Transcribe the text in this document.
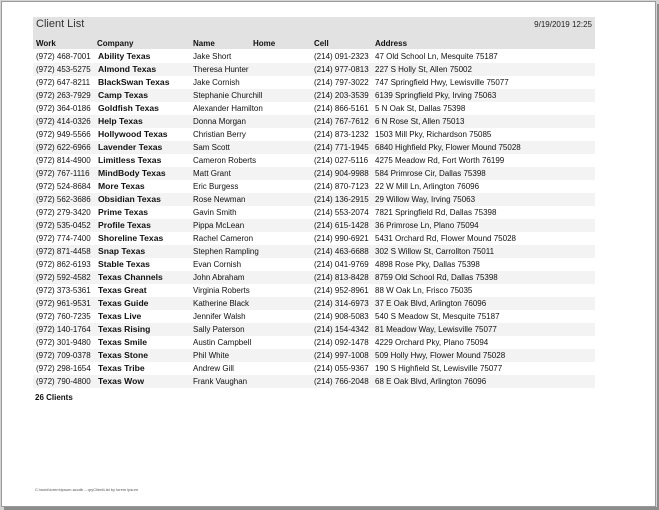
Client List	9/19/2019 12:25
Work	Company	Name	Home	Cell	Address
(972) 468-7001 Ability Texas	Jake Short	(214) 091-2323 47 Old School Ln, Mesquite 75187
(972) 453-5275 Almond Texas	Theresa Hunter	(214) 977-0813 227 S Holly St, Allen 75002
(972) 647-8211 BlackSwan Texas	Jake Cornish	(214) 797-3022 747 Springfield Hwy, Lewisville 75077
(972) 263-7929 Camp Texas	Stephanie Churchill	(214) 203-3539 6139 Springfield Pky, Irving 75063
(972) 364-0186 Goldfish Texas	Alexander Hamilton	(214) 866-5161 5 N Oak St, Dallas 75398
(972) 414-0326 Help Texas	Donna Morgan	(214) 767-7612 6 N Rose St, Allen 75013
(972) 949-5566 Hollywood Texas	Christian Berry	(214) 873-1232 1503 Mill Pky, Richardson 75085
(972) 622-6966 Lavender Texas	Sam Scott	(214) 771-1945 6840 Highfield Pky, Flower Mound 75028
(972) 814-4900 Limitless Texas	Cameron Roberts	(214) 027-5116 4275 Meadow Rd, Fort Worth 76199
(972) 767-1116 MindBody Texas	Matt Grant	(214) 904-9988 584 Primrose Cir, Dallas 75398
(972) 524-8684 More Texas	Eric Burgess	(214) 870-7123 22 W Mill Ln, Arlington 76096
(972) 562-3686 Obsidian Texas	Rose Newman	(214) 136-2915 29 Willow Way, Irving 75063
(972) 279-3420 Prime Texas	Gavin Smith	(214) 553-2074 7821 Springfield Rd, Dallas 75398
(972) 535-0452 Profile Texas	Pippa McLean	(214) 615-1428 36 Primrose Ln, Plano 75094
(972) 774-7400 Shoreline Texas	Rachel Cameron	(214) 990-6921 5431 Orchard Rd, Flower Mound 75028
(972) 871-4458 Snap Texas	Stephen Rampling	(214) 463-6688 302 S Willow St, Carrollton 75011
(972) 862-6193 Stable Texas	Evan Cornish	(214) 041-9769 4898 Rose Pky, Dallas 75398
(972) 592-4582 Texas Channels	John Abraham	(214) 813-8428 8759 Old School Rd, Dallas 75398
(972) 373-5361 Texas Great	Virginia Roberts	(214) 952-8961 88 W Oak Ln, Frisco 75035
(972) 961-9531 Texas Guide	Katherine Black	(214) 314-6973 37 E Oak Blvd, Arlington 76096
(972) 760-7235 Texas Live	Jennifer Walsh	(214) 908-5083 540 S Meadow St, Mesquite 75187
(972) 140-1764 Texas Rising	Sally Paterson	(214) 154-4342 81 Meadow Way, Lewisville 75077
(972) 301-9480 Texas Smile	Austin Campbell	(214) 092-1478 4229 Orchard Pky, Plano 75094
(972) 709-0378 Texas Stone	Phil White	(214) 997-1008 509 Holly Hwy, Flower Mound 75028
(972) 298-1654 Texas Tribe	Andrew Gill	(214) 055-9367 190 S Highfield St, Lewisville 75077
(972) 790-4800 Texas Wow	Frank Vaughan	(214) 766-2048 68 E Oak Blvd, Arlington 76096
26 Clients
C:\work\lorem\ipsum.accdb – qryClientList by lorem ipsum
